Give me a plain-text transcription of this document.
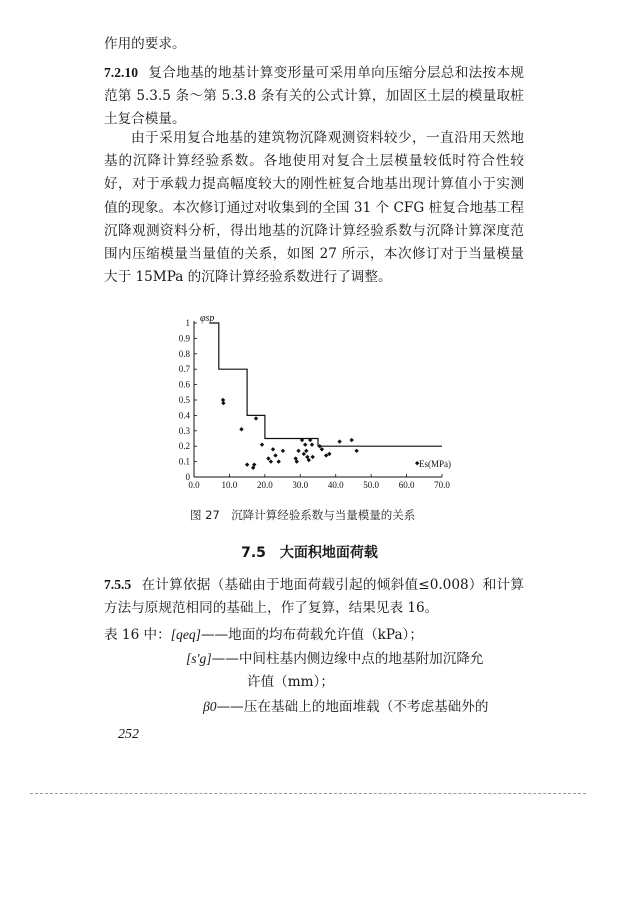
作用的要求。

7.2.10 复合地基的地基计算变形量可采用单向压缩分层总和法按本规范第 5.3.5 条～第 5.3.8 条有关的公式计算，加固区土层的模量取桩土复合模量。

由于采用复合地基的建筑物沉降观测资料较少，一直沿用天然地基的沉降计算经验系数。各地使用对复合土层模量较低时符合性较好，对于承载力提高幅度较大的刚性桩复合地基出现计算值小于实测值的现象。本次修订通过对收集到的全国 31 个 CFG 桩复合地基工程沉降观测资料分析，得出地基的沉降计算经验系数与沉降计算深度范围内压缩模量当量值的关系，如图 27 所示，本次修订对于当量模量大于 15MPa 的沉降计算经验系数进行了调整。

0.0 10.0 20.0 30.0 40.0 50.0 60.0 70.0
0
0.1
0.2
0.3
0.4
0.5
0.6
0.7
0.8
0.9
1 φsp
Es(MPa)
图 27　沉降计算经验系数与当量模量的关系
7.5　大面积地面荷载

7.5.5 在计算依据（基础由于地面荷载引起的倾斜值≤0.008）和计算方法与原规范相同的基础上，作了复算，结果见表 16。

表 16 中：[qeq]——地面的均布荷载允许值（kPa）；
[s′g]——中间柱基内侧边缘中点的地基附加沉降允
许值（mm）；
β0——压在基础上的地面堆载（不考虑基础外的
252
